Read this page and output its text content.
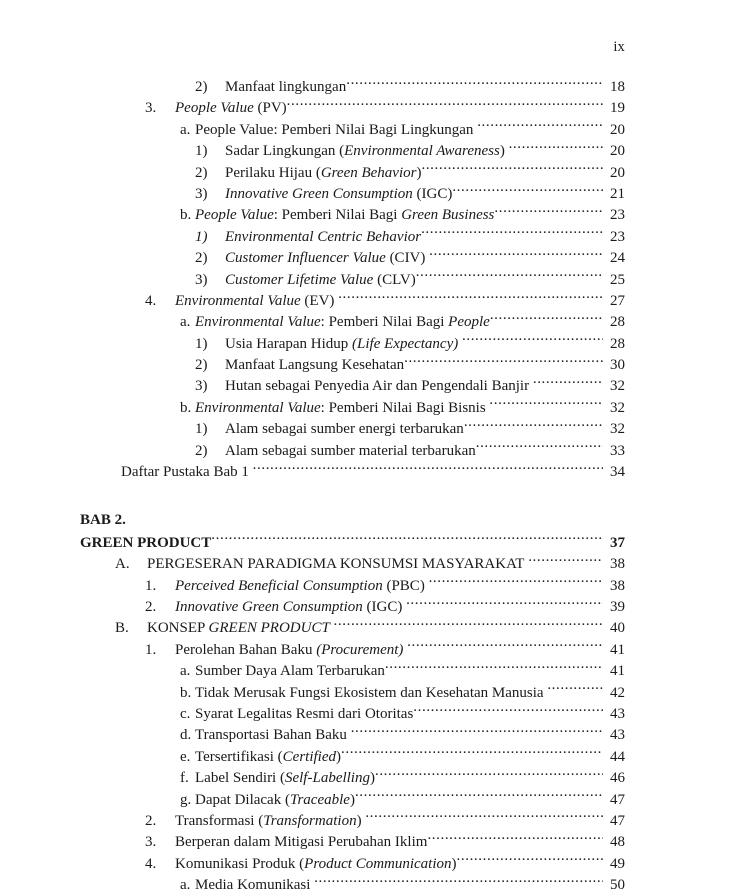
ix
2)	Manfaat lingkungan .....	18
3.	People Value (PV) .....	19
a. People Value: Pemberi Nilai Bagi Lingkungan .....	20
1)	Sadar Lingkungan (Environmental Awareness) .....	20
2)	Perilaku Hijau (Green Behavior) .....	20
3)	Innovative Green Consumption (IGC) .....	21
b. People Value: Pemberi Nilai Bagi Green Business .....	23
1)	Environmental Centric Behavior .....	23
2)	Customer Influencer Value (CIV) .....	24
3)	Customer Lifetime Value (CLV) .....	25
4.	Environmental Value (EV) .....	27
a. Environmental Value: Pemberi Nilai Bagi People .....	28
1)	Usia Harapan Hidup (Life Expectancy) .....	28
2)	Manfaat Langsung Kesehatan .....	30
3)	Hutan sebagai Penyedia Air dan Pengendali Banjir .....	32
b. Environmental Value: Pemberi Nilai Bagi Bisnis .....	32
1)	Alam sebagai sumber energi terbarukan .....	32
2)	Alam sebagai sumber material terbarukan .....	33
Daftar Pustaka Bab 1 .....	34
BAB 2.
GREEN PRODUCT .....	37
A.	PERGESERAN PARADIGMA KONSUMSI MASYARAKAT .....	38
1.	Perceived Beneficial Consumption (PBC) .....	38
2.	Innovative Green Consumption (IGC) .....	39
B.	KONSEP GREEN PRODUCT .....	40
1.	Perolehan Bahan Baku (Procurement) .....	41
a. Sumber Daya Alam Terbarukan .....	41
b. Tidak Merusak Fungsi Ekosistem dan Kesehatan Manusia .....	42
c. Syarat Legalitas Resmi dari Otoritas .....	43
d. Transportasi Bahan Baku .....	43
e. Tersertifikasi (Certified) .....	44
f. Label Sendiri (Self-Labelling) .....	46
g. Dapat Dilacak (Traceable) .....	47
2.	Transformasi (Transformation) .....	47
3.	Berperan dalam Mitigasi Perubahan Iklim .....	48
4.	Komunikasi Produk (Product Communication) .....	49
a. Media Komunikasi .....	50
